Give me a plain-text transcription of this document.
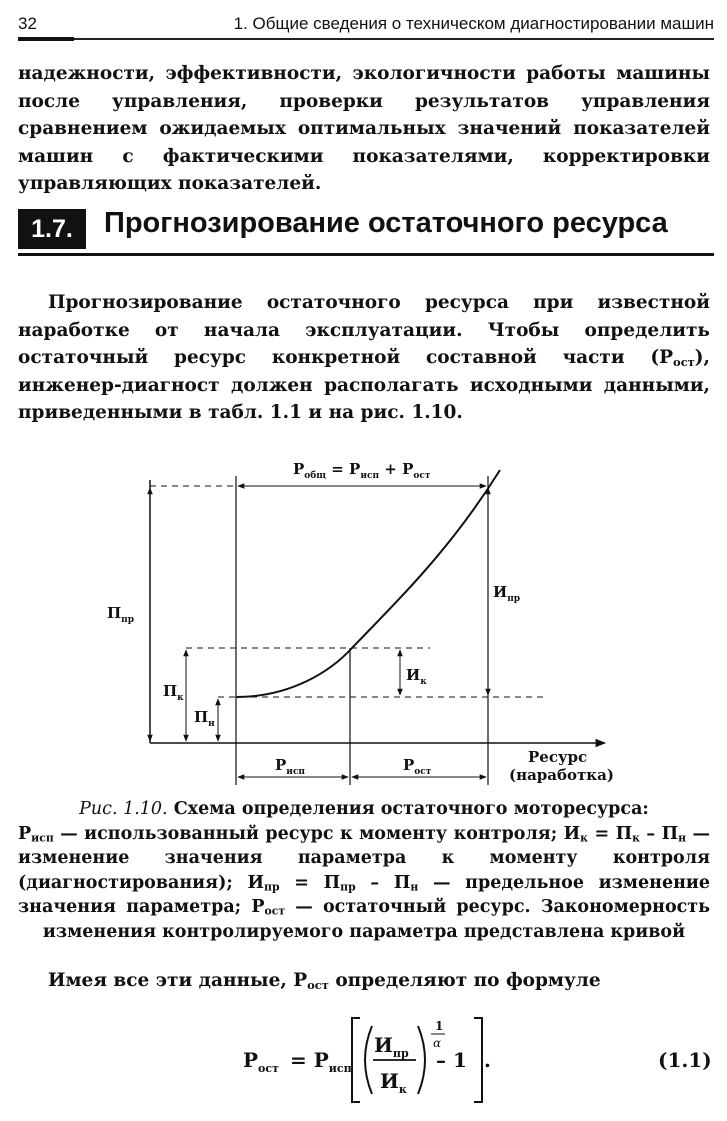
32	1. Общие сведения о техническом диагностировании машин
надежности, эффективности, экологичности работы машины после управления, проверки результатов управления сравнением ожидаемых оптимальных значений показателей машин с фактическими показателями, корректировки управляющих показателей.
1.7.	Прогнозирование остаточного ресурса
Прогнозирование остаточного ресурса при известной наработке от начала эксплуатации. Чтобы определить остаточный ресурс конкретной составной части $(Р_{ост})$, инженер-диагност должен располагать исходными данными, приведенными в табл. 1.1 и на рис. 1.10.
$Р_{общ} = Р_{исп} + Р_{ост}$
$П_{пр}$
$П_к$
$П_н$
$И_к$
$И_{пр}$
$Р_{исп}$	$Р_{ост}$
Ресурс
(наработка)
Рис. 1.10. Схема определения остаточного моторесурса:
$Р_{исп}$ — использованный ресурс к моменту контроля; $И_к = П_к - П_н$ — изменение значения параметра к моменту контроля (диагностирования); $И_{пр} = П_{пр} - П_н$ — предельное изменение значения параметра; $Р_{ост}$ — остаточный ресурс. Закономерность изменения контролируемого параметра представлена кривой
Имея все эти данные, $Р_{ост}$ определяют по формуле
$Р_{ост} = Р_{исп}$
$И_{пр}$
$И_к$
1
α
– 1 .	(1.1)
